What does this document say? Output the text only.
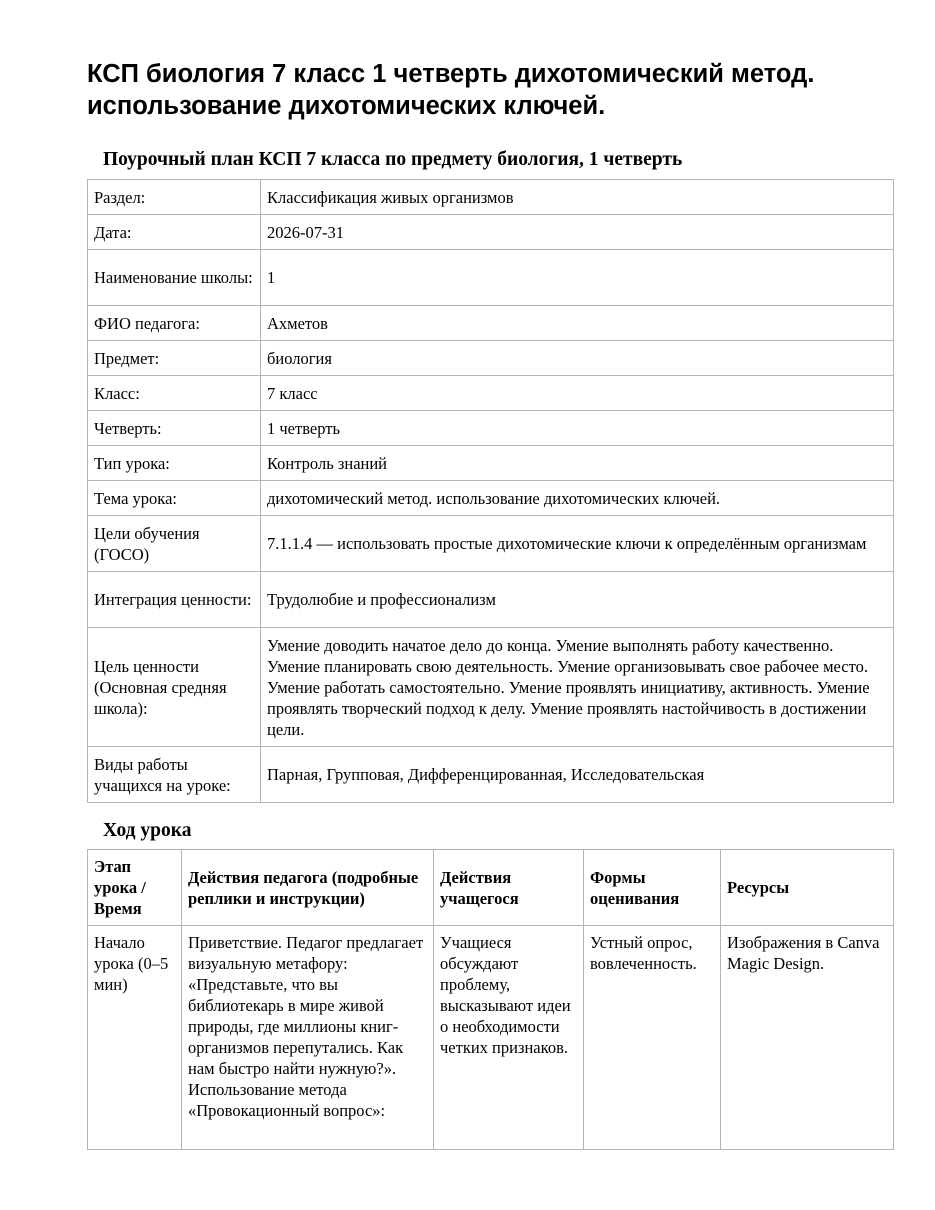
КСП биология 7 класс 1 четверть дихотомический метод. использование дихотомических ключей.
Поурочный план КСП 7 класса по предмету биология, 1 четверть
Раздел:	Классификация живых организмов
Дата:	2026-07-31
Наименование школы:	1
ФИО педагога:	Ахметов
Предмет:	биология
Класс:	7 класс
Четверть:	1 четверть
Тип урока:	Контроль знаний
Тема урока:	дихотомический метод. использование дихотомических ключей.
Цели обучения (ГОСО)	7.1.1.4 — использовать простые дихотомические ключи к определённым организмам
Интеграция ценности:	Трудолюбие и профессионализм
Цель ценности (Основная средняя школа):	Умение доводить начатое дело до конца. Умение выполнять работу качественно. Умение планировать свою деятельность. Умение организовывать свое рабочее место. Умение работать самостоятельно. Умение проявлять инициативу, активность. Умение проявлять творческий подход к делу. Умение проявлять настойчивость в достижении цели.
Виды работы учащихся на уроке:	Парная, Групповая, Дифференцированная, Исследовательская
Ход урока
Этап урока / Время	Действия педагога (подробные реплики и инструкции)	Действия учащегося	Формы оценивания	Ресурсы
Начало урока (0–5 мин)	Приветствие. Педагог предлагает визуальную метафору: «Представьте, что вы библиотекарь в мире живой природы, где миллионы книг-организмов перепутались. Как нам быстро найти нужную?». Использование метода «Провокационный вопрос»:	Учащиеся обсуждают проблему, высказывают идеи о необходимости четких признаков.	Устный опрос, вовлеченность.	Изображения в Canva Magic Design.
